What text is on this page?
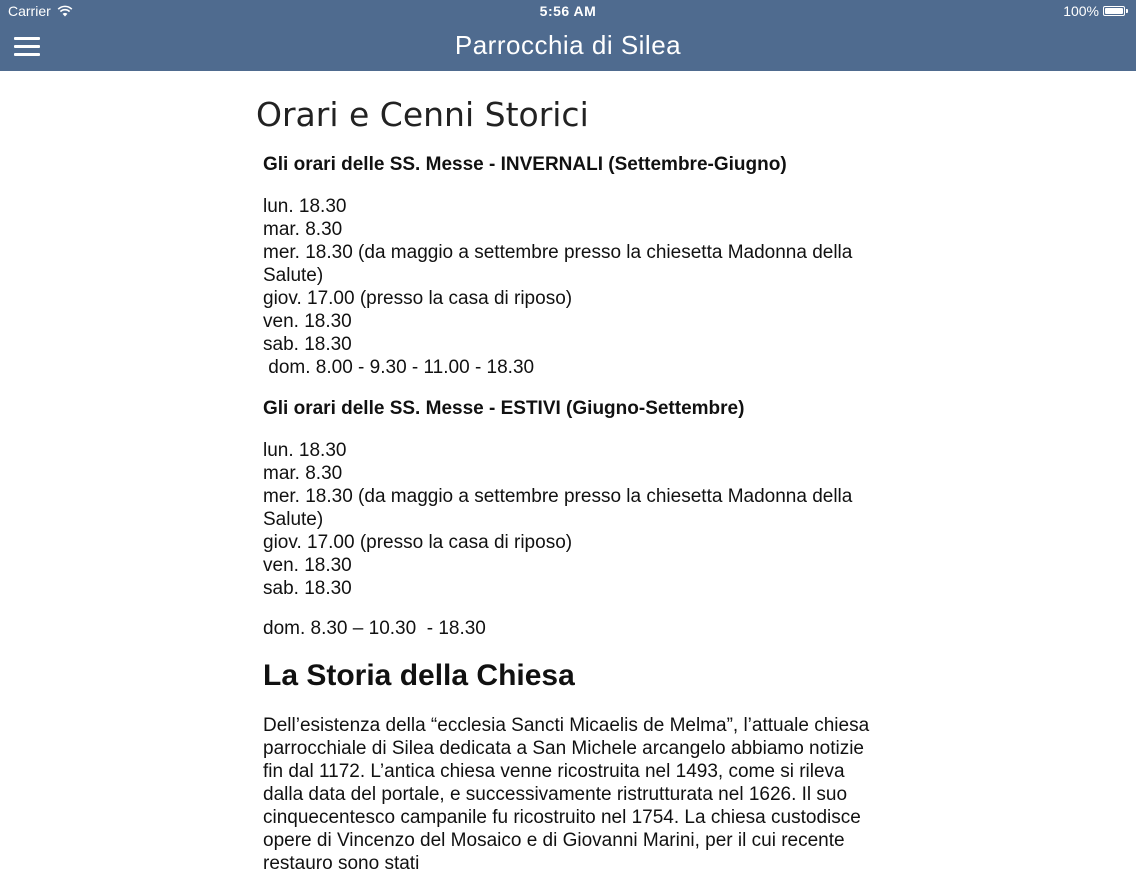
Carrier	5:56 AM	100%
Parrocchia di Silea
Orari e Cenni Storici

Gli orari delle SS. Messe - INVERNALI (Settembre-Giugno)

lun. 18.30

mar. 8.30

mer. 18.30 (da maggio a settembre presso la chiesetta Madonna della Salute)

giov. 17.00 (presso la casa di riposo)

ven. 18.30

sab. 18.30

dom. 8.00 - 9.30 - 11.00 - 18.30

Gli orari delle SS. Messe - ESTIVI (Giugno-Settembre)

lun. 18.30

mar. 8.30

mer. 18.30 (da maggio a settembre presso la chiesetta Madonna della Salute)

giov. 17.00 (presso la casa di riposo)

ven. 18.30

sab. 18.30

dom. 8.30 – 10.30  - 18.30

La Storia della Chiesa

Dell’esistenza della “ecclesia Sancti Micaelis de Melma”, l’attuale chiesa parrocchiale di Silea dedicata a San Michele arcangelo abbiamo notizie fin dal 1172. L’antica chiesa venne ricostruita nel 1493, come si rileva dalla data del portale, e successivamente ristrutturata nel 1626. Il suo cinquecentesco campanile fu ricostruito nel 1754. La chiesa custodisce opere di Vincenzo del Mosaico e di Giovanni Marini, per il cui recente restauro sono stati
